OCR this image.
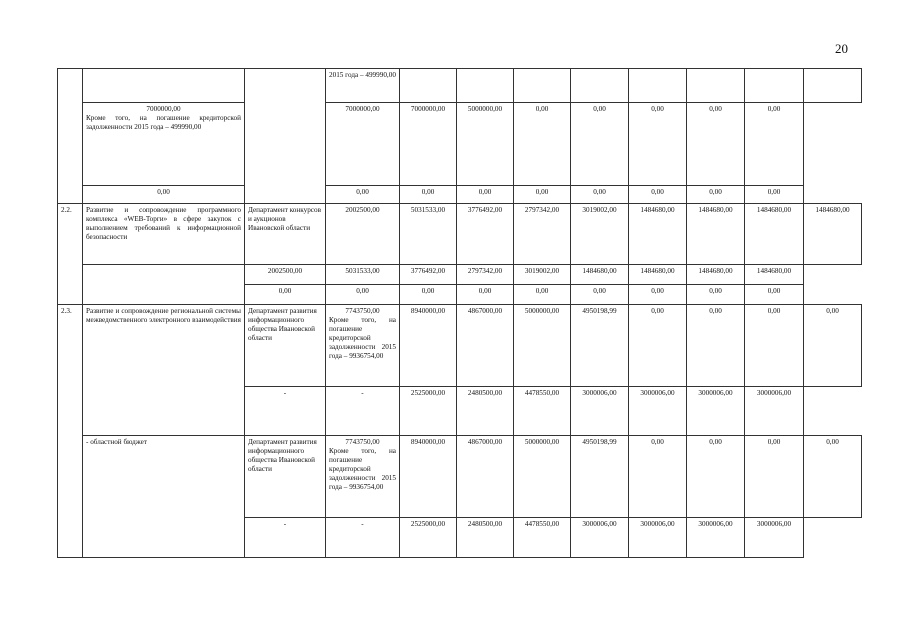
20

			2015 года – 499990,00								

	7000000,00
Кроме того, на погашение кредиторской задолженности 2015 года – 499990,00		7000000,00	7000000,00	5000000,00	0,00	0,00	0,00	0,00	0,00	

	0,00		0,00	0,00	0,00	0,00	0,00	0,00	0,00	0,00	
2.2.	Развитие и сопровождение программного комплекса «WEB-Торги» в сфере закупок с выполнением требований к информационной безопасности	Департамент конкурсов и аукционов Ивановской области	2002500,00	5031533,00	3776492,00	2797342,00	3019002,00	1484680,00	1484680,00	1484680,00	1484680,00

		2002500,00	5031533,00	3776492,00	2797342,00	3019002,00	1484680,00	1484680,00	1484680,00	1484680,00	

		0,00	0,00	0,00	0,00	0,00	0,00	0,00	0,00	0,00	
2.3.	Развитие и сопровождение региональной системы межведомственного электронного взаимодействия	Департамент развития информационного общества Ивановской области	7743750,00
Кроме того, на погашение кредиторской задолженности 2015 года – 9936754,00	8940000,00	4867000,00	5000000,00	4950198,99	0,00	0,00	0,00	0,00

		-	-	2525000,00	2480500,00	4478550,00	3000006,00	3000006,00	3000006,00	3000006,00	
	- областной бюджет	Департамент развития информационного общества Ивановской области	7743750,00
Кроме того, на погашение кредиторской задолженности 2015 года – 9936754,00	8940000,00	4867000,00	5000000,00	4950198,99	0,00	0,00	0,00	0,00

		-	-	2525000,00	2480500,00	4478550,00	3000006,00	3000006,00	3000006,00	3000006,00	
